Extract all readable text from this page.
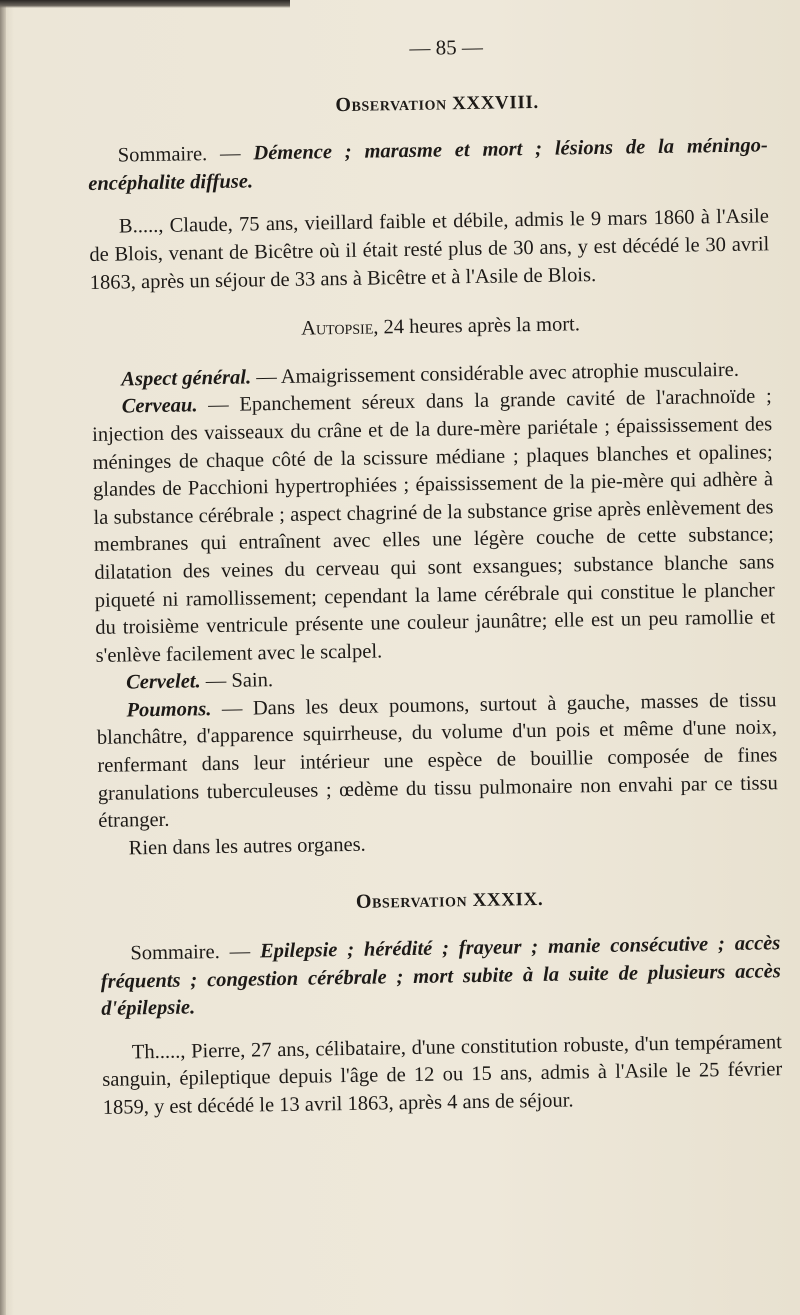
— 85 —
Observation XXXVIII.

Sommaire. — Démence ; marasme et mort ; lésions de la méningo-encéphalite diffuse.

B....., Claude, 75 ans, vieillard faible et débile, admis le 9 mars 1860 à l'Asile de Blois, venant de Bicêtre où il était resté plus de 30 ans, y est décédé le 30 avril 1863, après un séjour de 33 ans à Bicêtre et à l'Asile de Blois.

Autopsie, 24 heures après la mort.

Aspect général. — Amaigrissement considérable avec atrophie musculaire.

Cerveau. — Epanchement séreux dans la grande cavité de l'arachnoïde ; injection des vaisseaux du crâne et de la dure-mère pariétale ; épaississement des méninges de chaque côté de la scissure médiane ; plaques blanches et opalines; glandes de Pacchioni hypertrophiées ; épaississement de la pie-mère qui adhère à la substance cérébrale ; aspect chagriné de la substance grise après enlèvement des membranes qui entraînent avec elles une légère couche de cette substance; dilatation des veines du cerveau qui sont exsangues; substance blanche sans piqueté ni ramollissement; cependant la lame cérébrale qui constitue le plancher du troisième ventricule présente une couleur jaunâtre; elle est un peu ramollie et s'enlève facilement avec le scalpel.

Cervelet. — Sain.

Poumons. — Dans les deux poumons, surtout à gauche, masses de tissu blanchâtre, d'apparence squirrheuse, du volume d'un pois et même d'une noix, renfermant dans leur intérieur une espèce de bouillie composée de fines granulations tuberculeuses ; œdème du tissu pulmonaire non envahi par ce tissu étranger.

Rien dans les autres organes.

Observation XXXIX.

Sommaire. — Epilepsie ; hérédité ; frayeur ; manie consécutive ; accès fréquents ; congestion cérébrale ; mort subite à la suite de plusieurs accès d'épilepsie.

Th....., Pierre, 27 ans, célibataire, d'une constitution robuste, d'un tempérament sanguin, épileptique depuis l'âge de 12 ou 15 ans, admis à l'Asile le 25 février 1859, y est décédé le 13 avril 1863, après 4 ans de séjour.
